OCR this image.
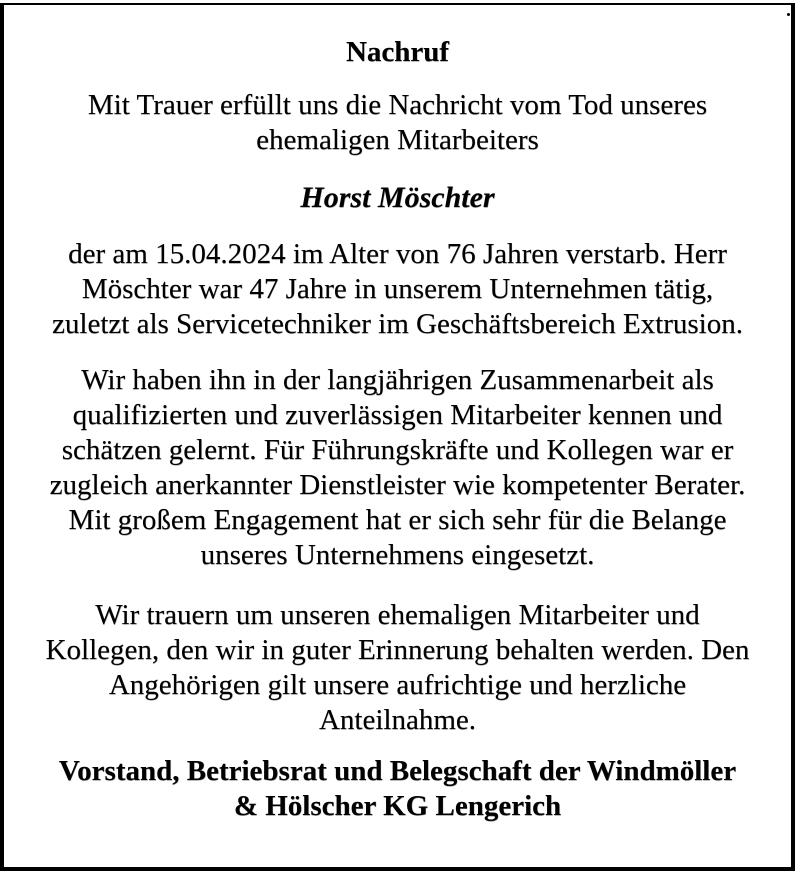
Nachruf
Mit Trauer erfüllt uns die Nachricht vom Tod unseres
ehemaligen Mitarbeiters
Horst Möschter
der am 15.04.2024 im Alter von 76 Jahren verstarb. Herr
Möschter war 47 Jahre in unserem Unternehmen tätig,
zuletzt als Servicetechniker im Geschäftsbereich Extrusion.
Wir haben ihn in der langjährigen Zusammenarbeit als
qualifizierten und zuverlässigen Mitarbeiter kennen und
schätzen gelernt. Für Führungskräfte und Kollegen war er
zugleich anerkannter Dienstleister wie kompetenter Berater.
Mit großem Engagement hat er sich sehr für die Belange
unseres Unternehmens eingesetzt.
Wir trauern um unseren ehemaligen Mitarbeiter und
Kollegen, den wir in guter Erinnerung behalten werden. Den
Angehörigen gilt unsere aufrichtige und herzliche
Anteilnahme.
Vorstand, Betriebsrat und Belegschaft der Windmöller
& Hölscher KG Lengerich
